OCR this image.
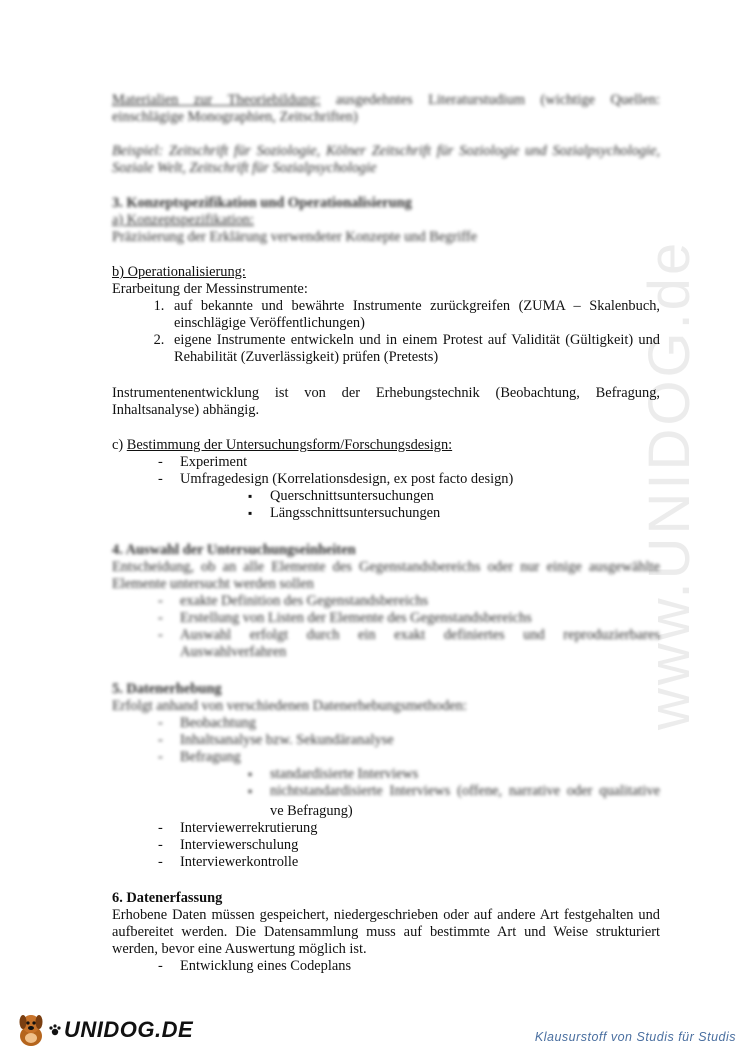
www.UNIDOG.de
Materialien zur Theoriebildung: ausgedehntes Literaturstudium (wichtige Quellen: einschlägige Monographien, Zeitschriften)
Beispiel: Zeitschrift für Soziologie, Kölner Zeitschrift für Soziologie und Sozialpsychologie, Soziale Welt, Zeitschrift für Sozialpsychologie
3. Konzeptspezifikation und Operationalisierung
a) Konzeptspezifikation:
Präzisierung der Erklärung verwendeter Konzepte und Begriffe
b) Operationalisierung:
Erarbeitung der Messinstrumente:
1. auf bekannte und bewährte Instrumente zurückgreifen (ZUMA – Skalenbuch, einschlägige Veröffentlichungen)
2. eigene Instrumente entwickeln und in einem Protest auf Validität (Gültigkeit) und Rehabilität (Zuverlässigkeit) prüfen (Pretests)
Instrumentenentwicklung ist von der Erhebungstechnik (Beobachtung, Befragung, Inhaltsanalyse) abhängig.
c) Bestimmung der Untersuchungsform/Forschungsdesign:
- Experiment
- Umfragedesign (Korrelationsdesign, ex post facto design)
▪ Querschnittsuntersuchungen
▪ Längsschnittsuntersuchungen
4. Auswahl der Untersuchungseinheiten
Entscheidung, ob an alle Elemente des Gegenstandsbereichs oder nur einige ausgewählte Elemente untersucht werden sollen
- exakte Definition des Gegenstandsbereichs
- Erstellung von Listen der Elemente des Gegenstandsbereichs
- Auswahl erfolgt durch ein exakt definiertes und reproduzierbares Auswahlverfahren
5. Datenerhebung
Erfolgt anhand von verschiedenen Datenerhebungsmethoden:
- Beobachtung
- Inhaltsanalyse bzw. Sekundäranalyse
- Befragung
▪ standardisierte Interviews
▪ nichtstandardisierte Interviews (offene, narrative oder qualitative
ve Befragung)
- Interviewerrekrutierung
- Interviewerschulung
- Interviewerkontrolle
6. Datenerfassung
Erhobene Daten müssen gespeichert, niedergeschrieben oder auf andere Art festgehalten und aufbereitet werden. Die Datensammlung muss auf bestimmte Art und Weise strukturiert werden, bevor eine Auswertung möglich ist.
- Entwicklung eines Codeplans
UNIDOG.DE	Klausurstoff von Studis für Studis
